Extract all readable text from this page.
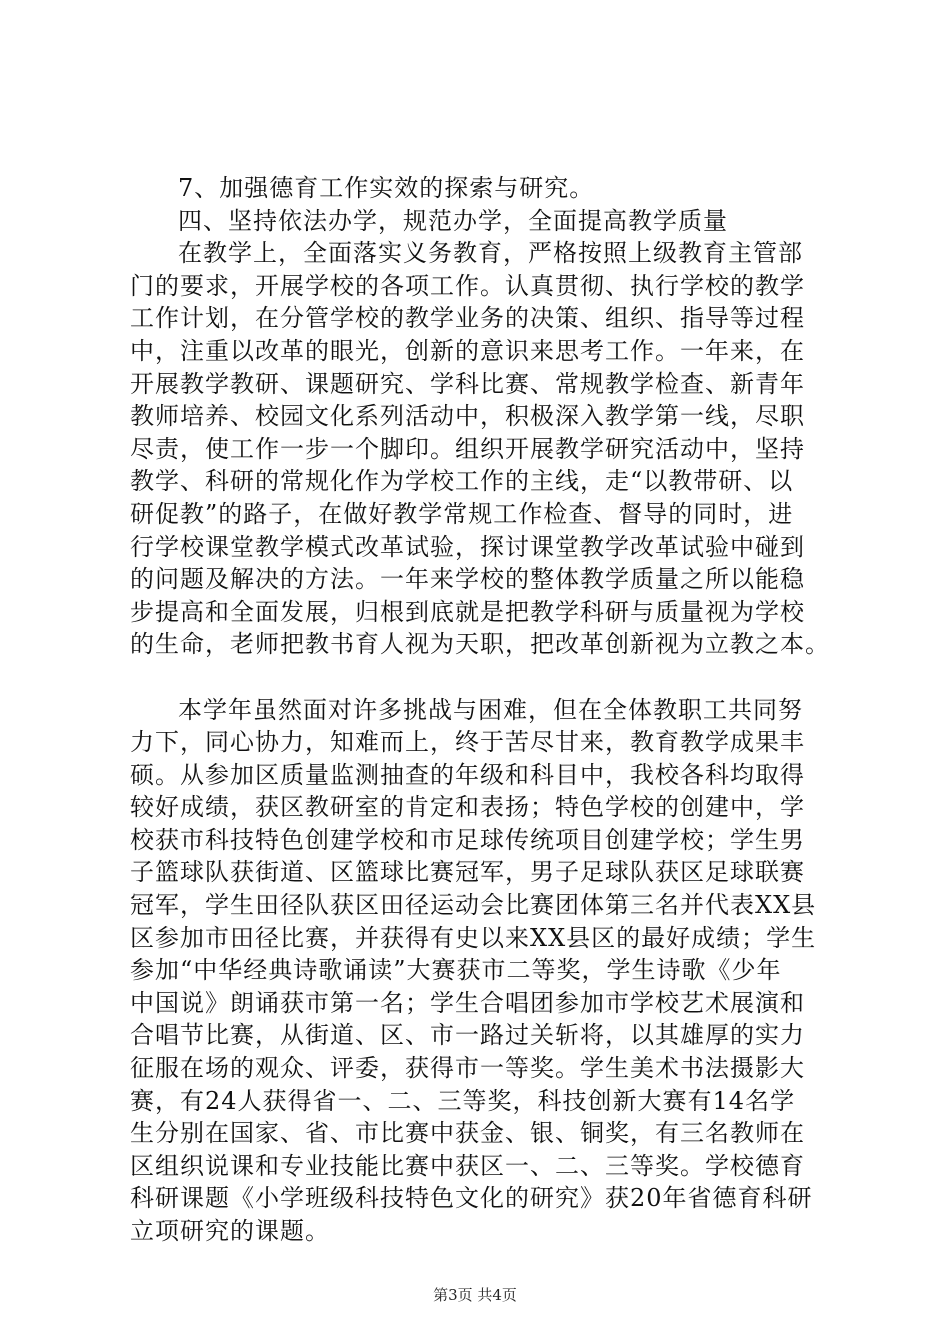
7、加强德育工作实效的探索与研究。
四、坚持依法办学，规范办学，全面提高教学质量
在教学上，全面落实义务教育，严格按照上级教育主管部
门的要求，开展学校的各项工作。认真贯彻、执行学校的教学
工作计划，在分管学校的教学业务的决策、组织、指导等过程
中，注重以改革的眼光，创新的意识来思考工作。一年来，在
开展教学教研、课题研究、学科比赛、常规教学检查、新青年
教师培养、校园文化系列活动中，积极深入教学第一线，尽职
尽责，使工作一步一个脚印。组织开展教学研究活动中，坚持
教学、科研的常规化作为学校工作的主线，走“以教带研、以
研促教”的路子，在做好教学常规工作检查、督导的同时，进
行学校课堂教学模式改革试验，探讨课堂教学改革试验中碰到
的问题及解决的方法。一年来学校的整体教学质量之所以能稳
步提高和全面发展，归根到底就是把教学科研与质量视为学校
的生命，老师把教书育人视为天职，把改革创新视为立教之本。
本学年虽然面对许多挑战与困难，但在全体教职工共同努
力下，同心协力，知难而上，终于苦尽甘来，教育教学成果丰
硕。从参加区质量监测抽查的年级和科目中，我校各科均取得
较好成绩，获区教研室的肯定和表扬；特色学校的创建中，学
校获市科技特色创建学校和市足球传统项目创建学校；学生男
子篮球队获街道、区篮球比赛冠军，男子足球队获区足球联赛
冠军，学生田径队获区田径运动会比赛团体第三名并代表XX县
区参加市田径比赛，并获得有史以来XX县区的最好成绩；学生
参加“中华经典诗歌诵读”大赛获市二等奖，学生诗歌《少年
中国说》朗诵获市第一名；学生合唱团参加市学校艺术展演和
合唱节比赛，从街道、区、市一路过关斩将，以其雄厚的实力
征服在场的观众、评委，获得市一等奖。学生美术书法摄影大
赛，有24人获得省一、二、三等奖，科技创新大赛有14名学
生分别在国家、省、市比赛中获金、银、铜奖，有三名教师在
区组织说课和专业技能比赛中获区一、二、三等奖。学校德育
科研课题《小学班级科技特色文化的研究》获20年省德育科研
立项研究的课题。
第3页 共4页
